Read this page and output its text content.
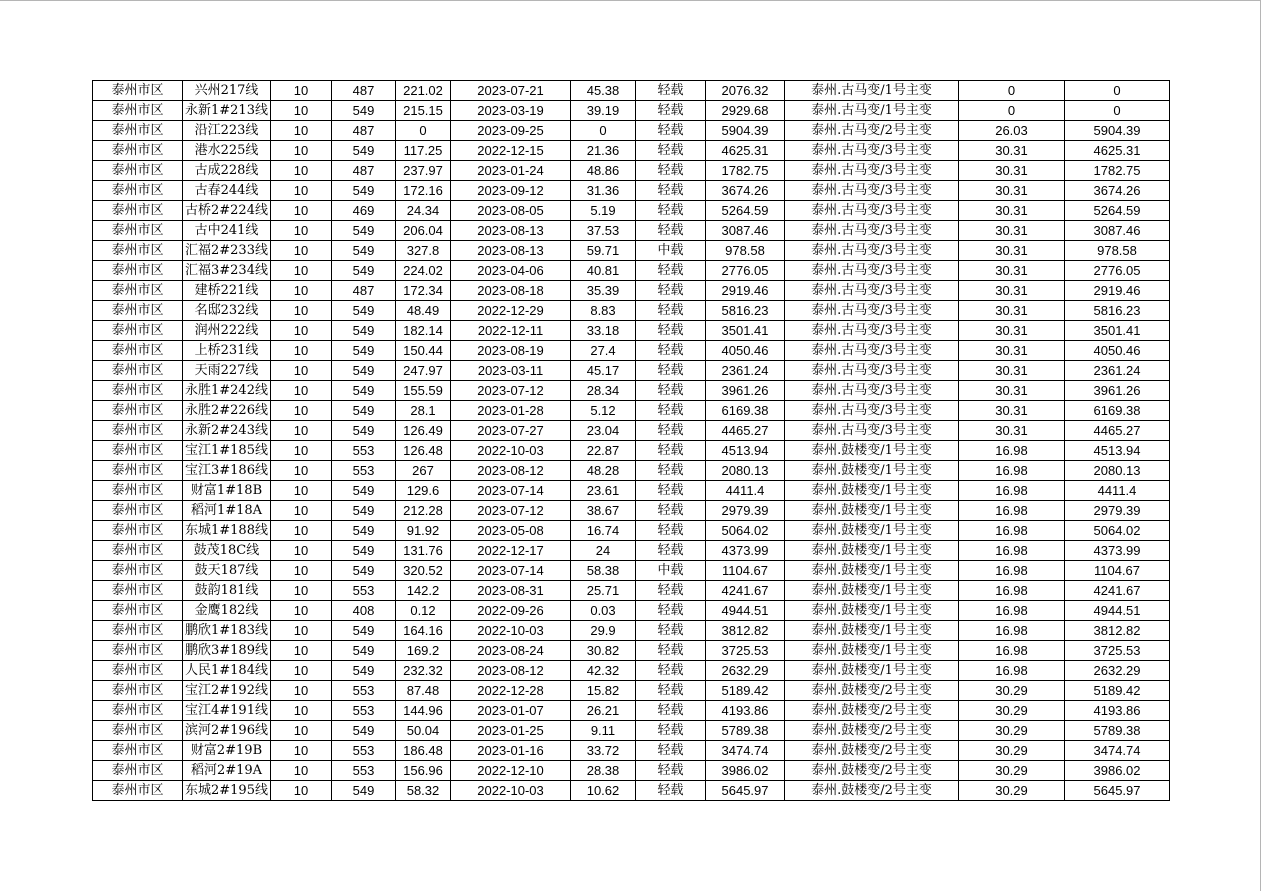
泰州市区	兴州217线	10	487	221.02	2023-07-21	45.38	轻载	2076.32	泰州.古马变/1号主变	0	0
泰州市区	永新1#213线	10	549	215.15	2023-03-19	39.19	轻载	2929.68	泰州.古马变/1号主变	0	0
泰州市区	沿江223线	10	487	0	2023-09-25	0	轻载	5904.39	泰州.古马变/2号主变	26.03	5904.39
泰州市区	港水225线	10	549	117.25	2022-12-15	21.36	轻载	4625.31	泰州.古马变/3号主变	30.31	4625.31
泰州市区	古成228线	10	487	237.97	2023-01-24	48.86	轻载	1782.75	泰州.古马变/3号主变	30.31	1782.75
泰州市区	古春244线	10	549	172.16	2023-09-12	31.36	轻载	3674.26	泰州.古马变/3号主变	30.31	3674.26
泰州市区	古桥2#224线	10	469	24.34	2023-08-05	5.19	轻载	5264.59	泰州.古马变/3号主变	30.31	5264.59
泰州市区	古中241线	10	549	206.04	2023-08-13	37.53	轻载	3087.46	泰州.古马变/3号主变	30.31	3087.46
泰州市区	汇福2#233线	10	549	327.8	2023-08-13	59.71	中载	978.58	泰州.古马变/3号主变	30.31	978.58
泰州市区	汇福3#234线	10	549	224.02	2023-04-06	40.81	轻载	2776.05	泰州.古马变/3号主变	30.31	2776.05
泰州市区	建桥221线	10	487	172.34	2023-08-18	35.39	轻载	2919.46	泰州.古马变/3号主变	30.31	2919.46
泰州市区	名邸232线	10	549	48.49	2022-12-29	8.83	轻载	5816.23	泰州.古马变/3号主变	30.31	5816.23
泰州市区	润州222线	10	549	182.14	2022-12-11	33.18	轻载	3501.41	泰州.古马变/3号主变	30.31	3501.41
泰州市区	上桥231线	10	549	150.44	2023-08-19	27.4	轻载	4050.46	泰州.古马变/3号主变	30.31	4050.46
泰州市区	天雨227线	10	549	247.97	2023-03-11	45.17	轻载	2361.24	泰州.古马变/3号主变	30.31	2361.24
泰州市区	永胜1#242线	10	549	155.59	2023-07-12	28.34	轻载	3961.26	泰州.古马变/3号主变	30.31	3961.26
泰州市区	永胜2#226线	10	549	28.1	2023-01-28	5.12	轻载	6169.38	泰州.古马变/3号主变	30.31	6169.38
泰州市区	永新2#243线	10	549	126.49	2023-07-27	23.04	轻载	4465.27	泰州.古马变/3号主变	30.31	4465.27
泰州市区	宝江1#185线	10	553	126.48	2022-10-03	22.87	轻载	4513.94	泰州.鼓楼变/1号主变	16.98	4513.94
泰州市区	宝江3#186线	10	553	267	2023-08-12	48.28	轻载	2080.13	泰州.鼓楼变/1号主变	16.98	2080.13
泰州市区	财富1#18B	10	549	129.6	2023-07-14	23.61	轻载	4411.4	泰州.鼓楼变/1号主变	16.98	4411.4
泰州市区	稻河1#18A	10	549	212.28	2023-07-12	38.67	轻载	2979.39	泰州.鼓楼变/1号主变	16.98	2979.39
泰州市区	东城1#188线	10	549	91.92	2023-05-08	16.74	轻载	5064.02	泰州.鼓楼变/1号主变	16.98	5064.02
泰州市区	鼓茂18C线	10	549	131.76	2022-12-17	24	轻载	4373.99	泰州.鼓楼变/1号主变	16.98	4373.99
泰州市区	鼓天187线	10	549	320.52	2023-07-14	58.38	中载	1104.67	泰州.鼓楼变/1号主变	16.98	1104.67
泰州市区	鼓韵181线	10	553	142.2	2023-08-31	25.71	轻载	4241.67	泰州.鼓楼变/1号主变	16.98	4241.67
泰州市区	金鹰182线	10	408	0.12	2022-09-26	0.03	轻载	4944.51	泰州.鼓楼变/1号主变	16.98	4944.51
泰州市区	鹏欣1#183线	10	549	164.16	2022-10-03	29.9	轻载	3812.82	泰州.鼓楼变/1号主变	16.98	3812.82
泰州市区	鹏欣3#189线	10	549	169.2	2023-08-24	30.82	轻载	3725.53	泰州.鼓楼变/1号主变	16.98	3725.53
泰州市区	人民1#184线	10	549	232.32	2023-08-12	42.32	轻载	2632.29	泰州.鼓楼变/1号主变	16.98	2632.29
泰州市区	宝江2#192线	10	553	87.48	2022-12-28	15.82	轻载	5189.42	泰州.鼓楼变/2号主变	30.29	5189.42
泰州市区	宝江4#191线	10	553	144.96	2023-01-07	26.21	轻载	4193.86	泰州.鼓楼变/2号主变	30.29	4193.86
泰州市区	滨河2#196线	10	549	50.04	2023-01-25	9.11	轻载	5789.38	泰州.鼓楼变/2号主变	30.29	5789.38
泰州市区	财富2#19B	10	553	186.48	2023-01-16	33.72	轻载	3474.74	泰州.鼓楼变/2号主变	30.29	3474.74
泰州市区	稻河2#19A	10	553	156.96	2022-12-10	28.38	轻载	3986.02	泰州.鼓楼变/2号主变	30.29	3986.02
泰州市区	东城2#195线	10	549	58.32	2022-10-03	10.62	轻载	5645.97	泰州.鼓楼变/2号主变	30.29	5645.97
